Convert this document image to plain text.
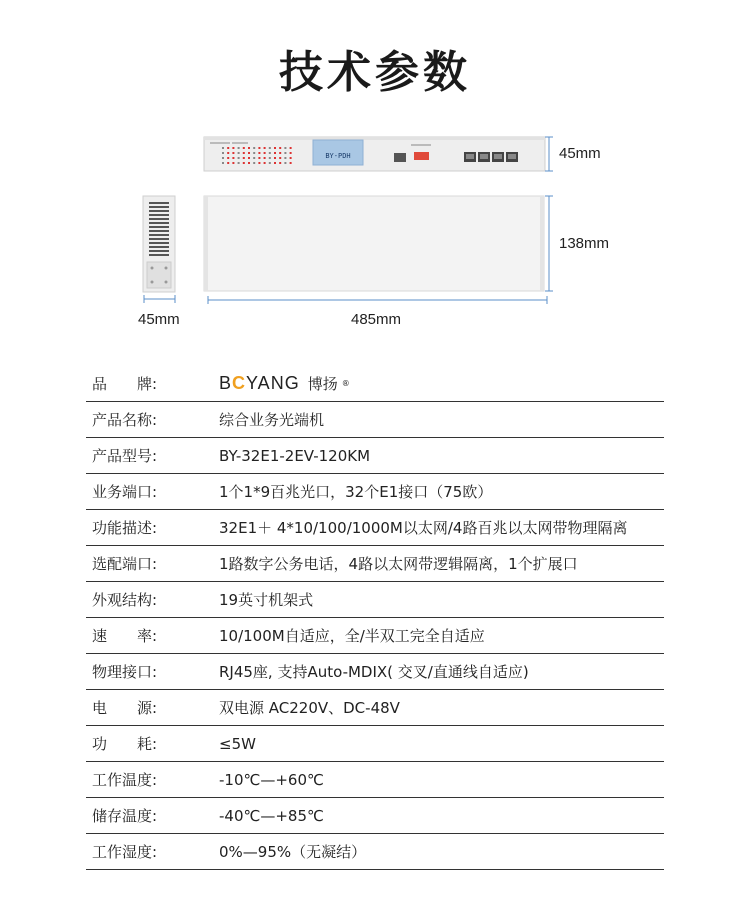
技术参数
BY-PDH	45mm
138mm
45mm	485mm
品　　牌:	BCYANG 博扬 ®
产品名称:	综合业务光端机
产品型号:	BY-32E1-2EV-120KM
业务端口:	1个1*9百兆光口，32个E1接口（75欧）
功能描述:	32E1＋ 4*10/100/1000M以太网/4路百兆以太网带物理隔离
选配端口:	1路数字公务电话，4路以太网带逻辑隔离，1个扩展口
外观结构:	19英寸机架式
速　　率:	10/100M自适应，全/半双工完全自适应
物理接口:	RJ45座, 支持Auto-MDIX( 交叉/直通线自适应)
电　　源:	双电源 AC220V、DC-48V
功　　耗:	≤5W
工作温度:	-10℃—+60℃
储存温度:	-40℃—+85℃
工作湿度:	0%—95%（无凝结）
